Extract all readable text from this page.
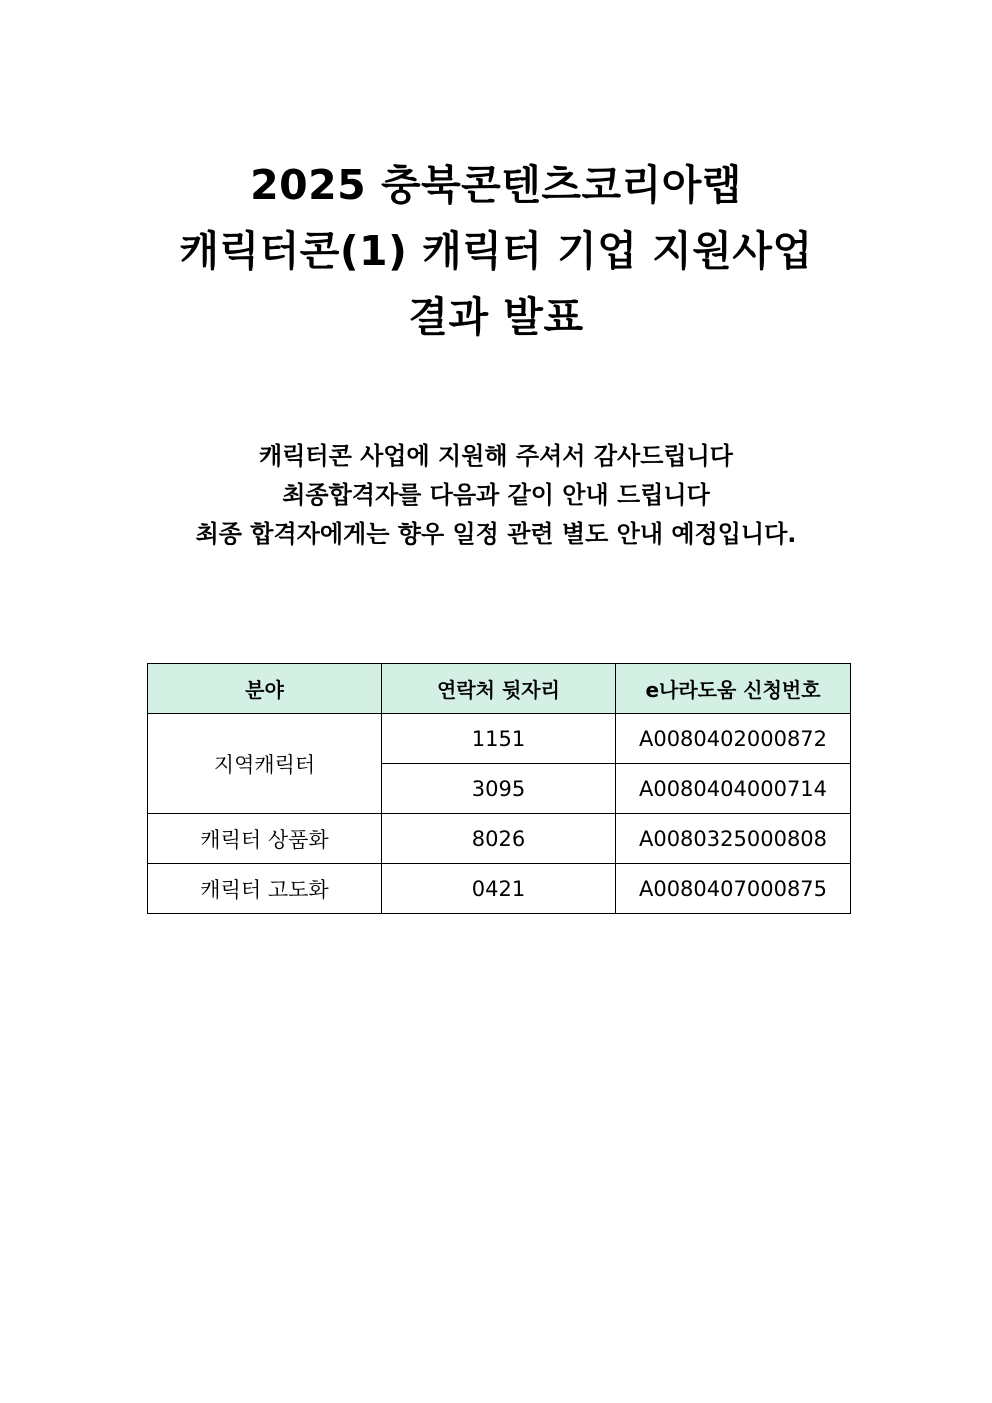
2025 충북콘텐츠코리아랩
캐릭터콘(1) 캐릭터 기업 지원사업
결과 발표
캐릭터콘 사업에 지원해 주셔서 감사드립니다
최종합격자를 다음과 같이 안내 드립니다
최종 합격자에게는 향우 일정 관련 별도 안내 예정입니다.
분야	연락처 뒷자리	e나라도움 신청번호
지역캐릭터	1151	A0080402000872
	3095	A0080404000714
캐릭터 상품화	8026	A0080325000808
캐릭터 고도화	0421	A0080407000875
